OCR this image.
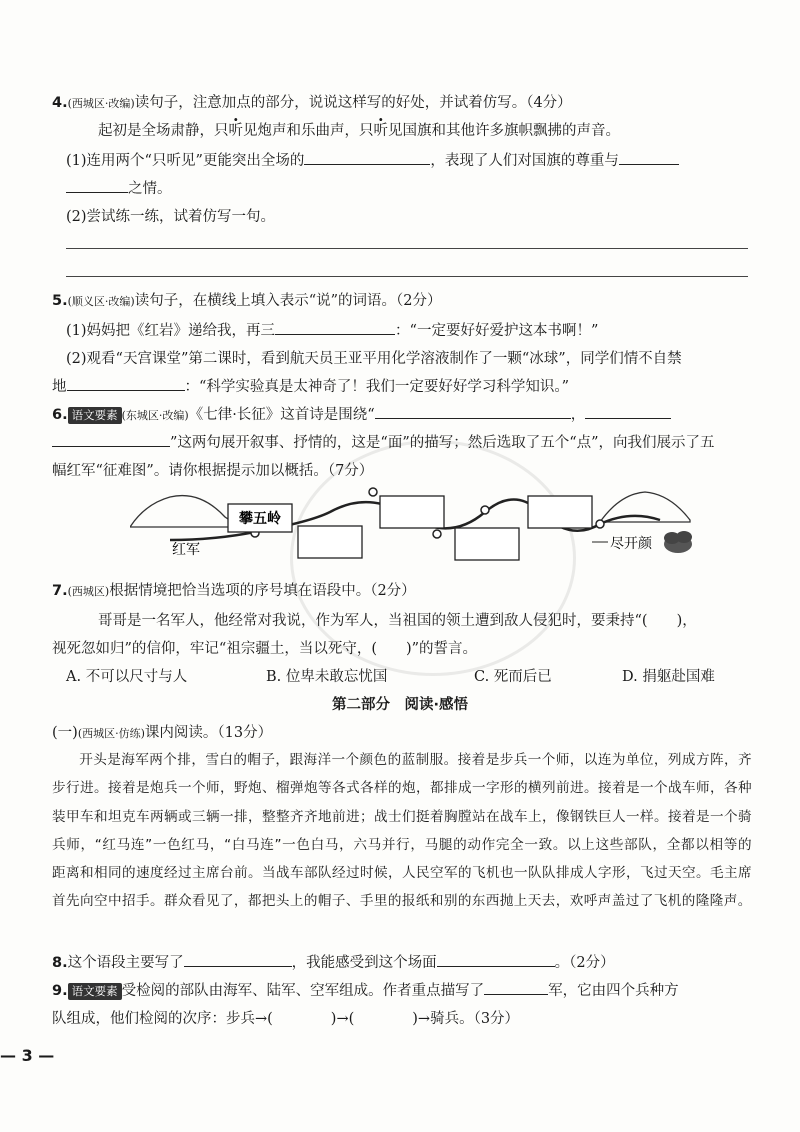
4.(西城区·改编)读句子，注意加点的部分，说说这样写的好处，并试着仿写。（4分）
起初是全场肃静，只听见炮声和乐曲声，只听见国旗和其他许多旗帜飘拂的声音。
(1)连用两个“只听见”更能突出全场的	，表现了人们对国旗的尊重与
之情。
(2)尝试练一练，试着仿写一句。
5.(顺义区·改编)读句子，在横线上填入表示“说”的词语。（2分）
(1)妈妈把《红岩》递给我，再三	：“一定要好好爱护这本书啊！”
(2)观看“天宫课堂”第二课时，看到航天员王亚平用化学溶液制作了一颗“冰球”，同学们情不自禁
地	：“科学实验真是太神奇了！我们一定要好好学习科学知识。”
6. 语文要素 (东城区·改编)《七律·长征》这首诗是围绕“	，
”这两句展开叙事、抒情的，这是“面”的描写；然后选取了五个“点”，向我们展示了五
幅红军“征难图”。请你根据提示加以概括。（7分）
攀五岭
红军	尽开颜
7.(西城区)根据情境把恰当选项的序号填在语段中。（2分）
哥哥是一名军人，他经常对我说，作为军人，当祖国的领土遭到敌人侵犯时，要秉持“(　　)，
视死忽如归”的信仰，牢记“祖宗疆土，当以死守，(　　)”的誓言。
A. 不可以尺寸与人	B. 位卑未敢忘忧国	C. 死而后已	D. 捐躯赴国难
第二部分　阅读·感悟
(一)(西城区·仿练)课内阅读。（13分）
开头是海军两个排，雪白的帽子，跟海洋一个颜色的蓝制服。接着是步兵一个师，以连为单位，列成方阵，齐步行进。接着是炮兵一个师，野炮、榴弹炮等各式各样的炮，都排成一字形的横列前进。接着是一个战车师，各种装甲车和坦克车两辆或三辆一排，整整齐齐地前进；战士们挺着胸膛站在战车上，像钢铁巨人一样。接着是一个骑兵师，“红马连”一色红马，“白马连”一色白马，六马并行，马腿的动作完全一致。以上这些部队，全都以相等的距离和相同的速度经过主席台前。当战车部队经过时候，人民空军的飞机也一队队排成人字形，飞过天空。毛主席首先向空中招手。群众看见了，都把头上的帽子、手里的报纸和别的东西抛上天去，欢呼声盖过了飞机的隆隆声。
8.这个语段主要写了	，我能感受到这个场面	。（2分）
9. 语文要素 受检阅的部队由海军、陆军、空军组成。作者重点描写了	军，它由四个兵种方
队组成，他们检阅的次序：步兵→(　　　　)→(　　　　)→骑兵。（3分）
— 3 —
